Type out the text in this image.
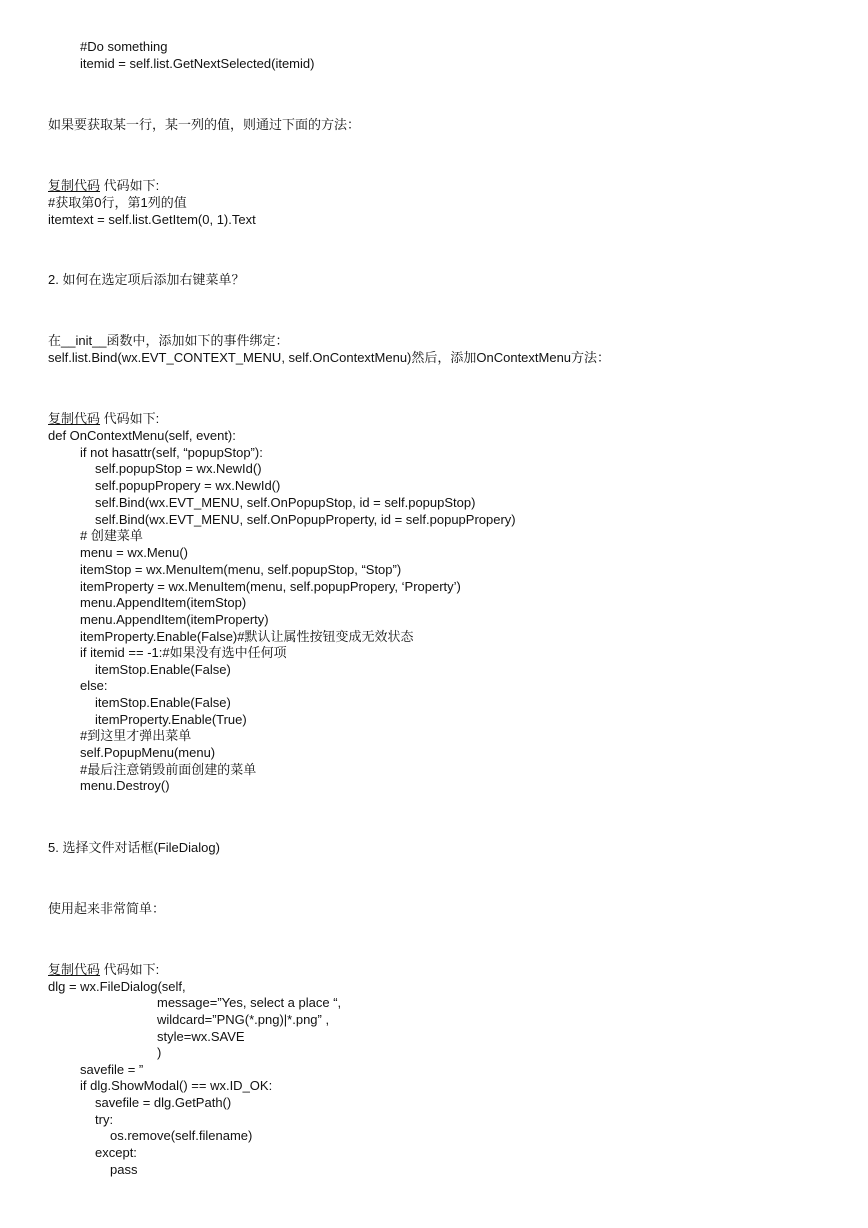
#Do something
itemid = self.list.GetNextSelected(itemid)
如果要获取某一行，某一列的值，则通过下面的方法：
复制代码 代码如下:
#获取第0行，第1列的值
itemtext = self.list.GetItem(0, 1).Text
2. 如何在选定项后添加右键菜单？
在__init__函数中，添加如下的事件绑定：
self.list.Bind(wx.EVT_CONTEXT_MENU, self.OnContextMenu)然后，添加OnContextMenu方法：
复制代码 代码如下:
def OnContextMenu(self, event):
if not hasattr(self, “popupStop”):
self.popupStop = wx.NewId()
self.popupPropery = wx.NewId()
self.Bind(wx.EVT_MENU, self.OnPopupStop, id = self.popupStop)
self.Bind(wx.EVT_MENU, self.OnPopupProperty, id = self.popupPropery)
# 创建菜单
menu = wx.Menu()
itemStop = wx.MenuItem(menu, self.popupStop, “Stop”)
itemProperty = wx.MenuItem(menu, self.popupPropery, ‘Property’)
menu.AppendItem(itemStop)
menu.AppendItem(itemProperty)
itemProperty.Enable(False)#默认让属性按钮变成无效状态
if itemid == -1:#如果没有选中任何项
itemStop.Enable(False)
else:
itemStop.Enable(False)
itemProperty.Enable(True)
#到这里才弹出菜单
self.PopupMenu(menu)
#最后注意销毁前面创建的菜单
menu.Destroy()
5. 选择文件对话框(FileDialog)
使用起来非常简单：
复制代码 代码如下:
dlg = wx.FileDialog(self,
message=”Yes, select a place “,
wildcard=”PNG(*.png)|*.png” ,
style=wx.SAVE
)
savefile = ”
if dlg.ShowModal() == wx.ID_OK:
savefile = dlg.GetPath()
try:
os.remove(self.filename)
except:
pass
